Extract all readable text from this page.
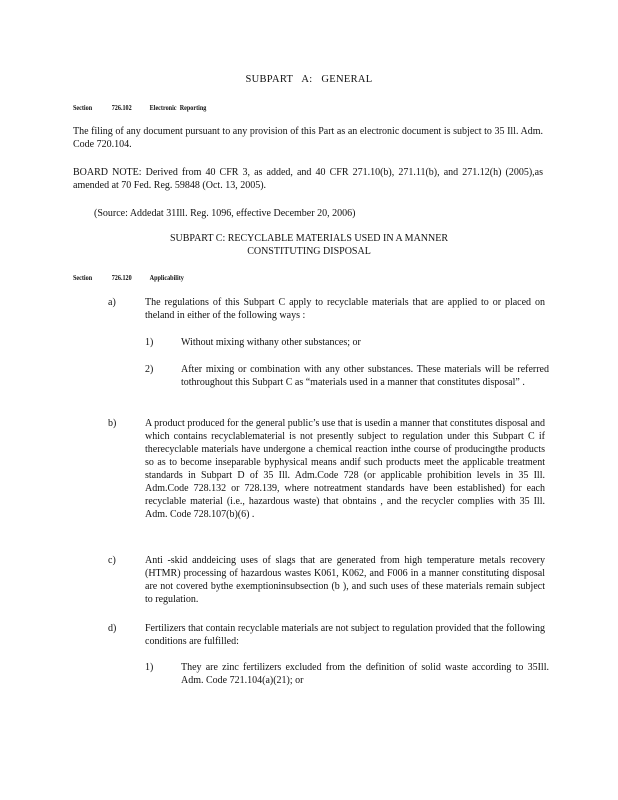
SUBPART A: GENERAL
Section	726.102 Electronic Reporting
The filing of any document pursuant to any provision of this Part as an electronic document is subject to 35 Ill. Adm. Code 720.104.
BOARD NOTE: Derived from 40 CFR 3, as added, and 40 CFR 271.10(b), 271.11(b), and 271.12(h) (2005),as amended at 70 Fed. Reg. 59848 (Oct. 13, 2005).
(Source: Addedat 31Ill. Reg. 1096, effective December 20, 2006)
SUBPART C: RECYCLABLE MATERIALS USED IN A MANNER
CONSTITUTING DISPOSAL
Section	726.120 Applicability
a)	The regulations of this Subpart C apply to recyclable materials that are applied to or placed on theland in either of the following ways :
1)	Without mixing withany other substances; or
2)	After mixing or combination with any other substances. These materials will be referred tothroughout this Subpart C as “materials used in a manner that constitutes disposal” .
b)	A product produced for the general public’s use that is usedin a manner that constitutes disposal and which contains recyclablematerial is not presently subject to regulation under this Subpart C if therecyclable materials have undergone a chemical reaction inthe course of producingthe products so as to become inseparable byphysical means andif such products meet the applicable treatment standards in Subpart D of 35 Ill. Adm.Code 728 (or applicable prohibition levels in 35 Ill. Adm.Code 728.132 or 728.139, where notreatment standards have been established) for each recyclable material (i.e., hazardous waste) that obntains , and the recycler complies with 35 Ill. Adm. Code 728.107(b)(6) .
c)	Anti -skid anddeicing uses of slags that are generated from high temperature metals recovery (HTMR) processing of hazardous wastes K061, K062, and F006 in a manner constituting disposal are not covered bythe exemptioninsubsection (b ), and such uses of these materials remain subject to regulation.
d)	Fertilizers that contain recyclable materials are not subject to regulation provided that the following conditions are fulfilled:
1)	They are zinc fertilizers excluded from the definition of solid waste according to 35Ill. Adm. Code 721.104(a)(21); or
